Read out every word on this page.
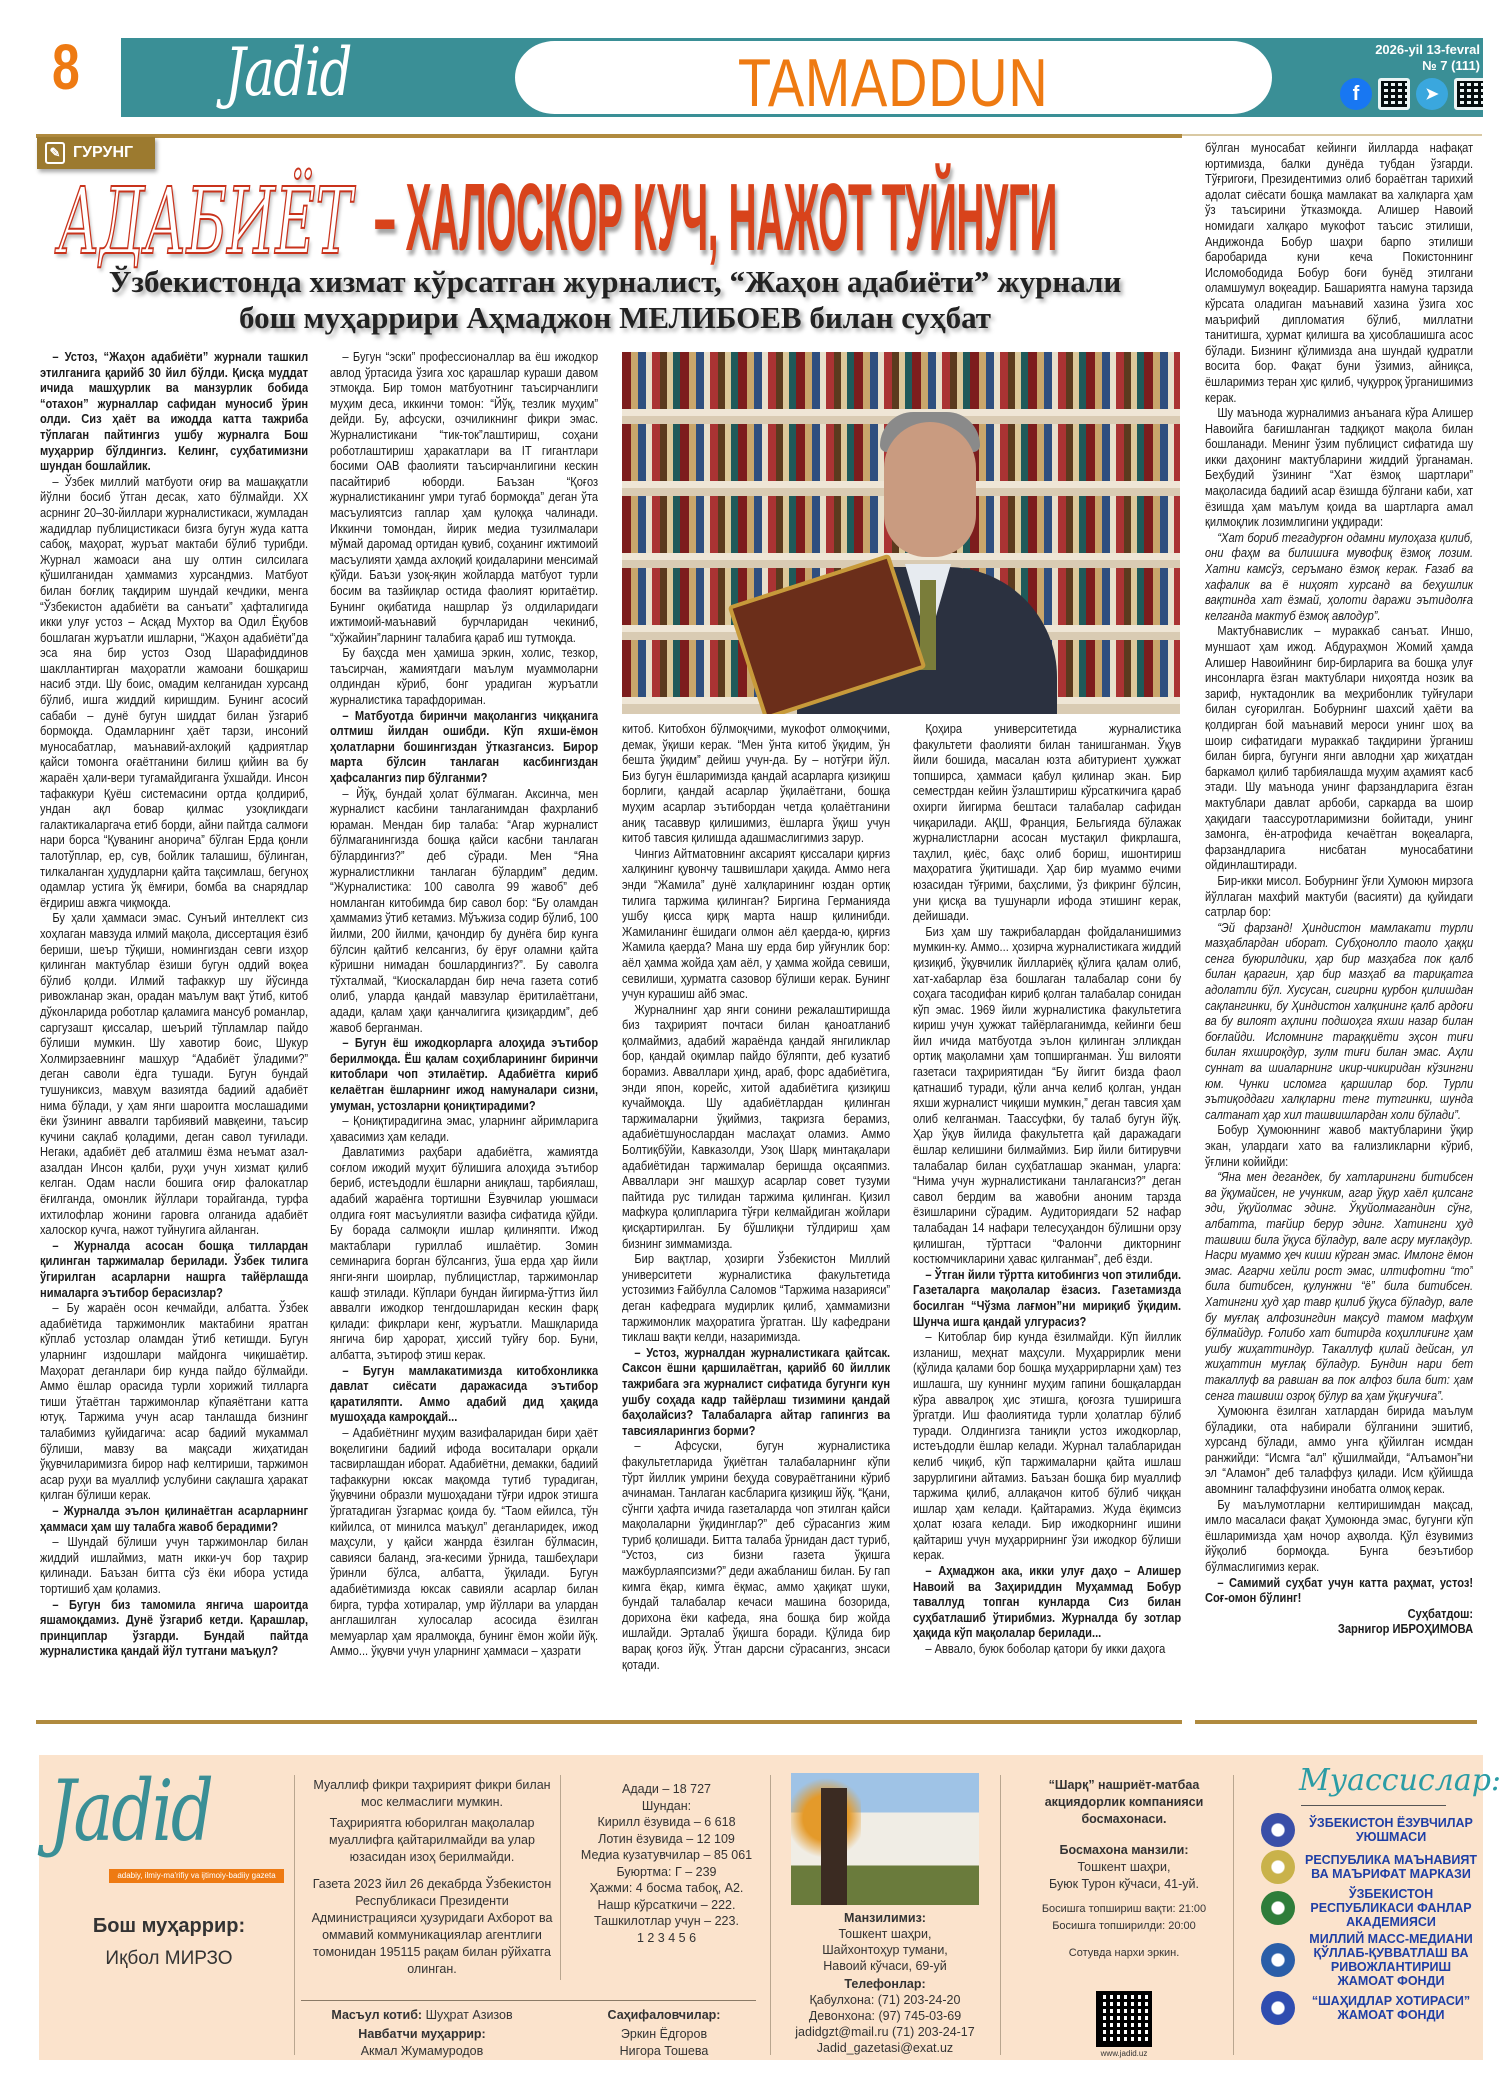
8 Jadid	TAMADDUN	2026-yil 13-fevral
№ 7 (111)
f	➤
✎ ГУРУНГ
АДАБИЁТ – ХАЛОСКОР КУЧ, НАЖОТ ТУЙНУГИ
Ўзбекистонда хизмат кўрсатган журналист, “Жаҳон адабиёти” журнали
бош муҳаррири Аҳмаджон МЕЛИБОЕВ билан суҳбат

– Устоз, “Жаҳон адабиёти” журнали ташкил этилганига қарийб 30 йил бўлди. Қисқа муддат ичида машҳурлик ва манзурлик бобида “отахон” журналлар сафидан муносиб ўрин олди. Сиз ҳаёт ва ижодда катта тажриба тўплаган пайтингиз ушбу журналга Бош муҳаррир бўлдингиз. Келинг, суҳбатимизни шундан бошлайлик.

– Ўзбек миллий матбуоти оғир ва машаққатли йўлни босиб ўтган десак, хато бўлмайди. XX асрнинг 20–30-йиллари журналистикаси, жумладан жадидлар публицистикаси бизга бугун жуда катта сабоқ, маҳорат, журъат мактаби бўлиб турибди. Журнал жамоаси ана шу олтин силсилага қўшилганидан ҳаммамиз хурсандмиз. Матбуот билан боғлиқ тақдирим шундай кечдики, менга “Ўзбекистон адабиёти ва санъати” ҳафталигида икки улуғ устоз – Асқад Мухтор ва Одил Ёқубов бошлаган журъатли ишларни, “Жаҳон адабиёти”да эса яна бир устоз Озод Шарафиддинов шакллантирган маҳоратли жамоани бошқариш насиб этди. Шу боис, омадим келганидан хурсанд бўлиб, ишга жиддий киришдим. Бунинг асосий сабаби – дунё бугун шиддат билан ўзгариб бормоқда. Одамларнинг ҳаёт тарзи, инсоний муносабатлар, маънавий-ахлоқий қадриятлар қайси томонга оғаётганини билиш қийин ва бу жараён ҳали-вери тугамайдиганга ўхшайди. Инсон тафаккури Қуёш системасини ортда қолдириб, ундан ақл бовар қилмас узоқликдаги галактикаларгача етиб борди, айни пайтда салмоғи нари борса “Қуванинг анорича” бўлган Ерда қонли талотўплар, ер, сув, бойлик талашиш, бўлинган, тилкаланган ҳудудларни қайта тақсимлаш, бегуноҳ одамлар устига ўқ ёмғири, бомба ва снарядлар ёғдириш авжга чиқмоқда.

Бу ҳали ҳаммаси эмас. Сунъий интеллект сиз хоҳлаган мавзуда илмий мақола, диссертация ёзиб бериши, шеър тўқиши, номингиздан севги изҳор қилинган мактублар ёзиши бугун оддий воқеа бўлиб қолди. Илмий тафаккур шу йўсинда ривожланар экан, орадан маълум вақт ўтиб, китоб дўконларида роботлар қаламига мансуб романлар, саргузашт қиссалар, шеърий тўпламлар пайдо бўлиши мумкин. Шу хавотир боис, Шукур Холмирзаевнинг машҳур “Адабиёт ўладими?” деган саволи ёдга тушади. Бугун бундай тушуниксиз, мавҳум вазиятда бадиий адабиёт нима бўлади, у ҳам янги шароитга мослашадими ёки ўзининг аввалги тарбиявий мавқеини, таъсир кучини сақлаб қоладими, деган савол туғилади. Негаки, адабиёт деб аталмиш ёзма неъмат азал-азалдан Инсон қалби, руҳи учун хизмат қилиб келган. Одам насли бошига оғир фалокатлар ёғилганда, омонлик йўллари торайганда, турфа ихтилофлар жонини гаровга олганида адабиёт халоскор кучга, нажот туйнугига айланган.

– Журналда асосан бошқа тиллардан қилинган таржималар берилади. Ўзбек тилига ўгирилган асарларни нашрга тайёрлашда нималарга эътибор берасизлар?

– Бу жараён осон кечмайди, албатта. Ўзбек адабиётида таржимонлик мактабини яратган кўплаб устозлар оламдан ўтиб кетишди. Бугун уларнинг издошлари майдонга чиқишаётир. Маҳорат деганлари бир кунда пайдо бўлмайди. Аммо ёшлар орасида турли хорижий тилларга тиши ўтаётган таржимонлар кўпаяётгани катта ютуқ. Таржима учун асар танлашда бизнинг талабимиз қуйидагича: асар бадиий мукаммал бўлиши, мавзу ва мақсади жиҳатидан ўқувчиларимизга бирор наф келтириши, таржимон асар руҳи ва муаллиф услубини сақлашга ҳаракат қилган бўлиши керак.

– Журналда эълон қилинаётган асарларнинг ҳаммаси ҳам шу талабга жавоб берадими?

– Шундай бўлиши учун таржимонлар билан жиддий ишлаймиз, матн икки-уч бор таҳрир қилинади. Баъзан битта сўз ёки ибора устида тортишиб ҳам қоламиз.

– Бугун биз тамомила янгича шароитда яшамоқдамиз. Дунё ўзгариб кетди. Қарашлар, принциплар ўзгарди. Бундай пайтда журналистика қандай йўл тутгани маъқул?

– Бугун “эски” профессионаллар ва ёш ижодкор авлод ўртасида ўзига хос қарашлар кураши давом этмоқда. Бир томон матбуотнинг таъсирчанлиги муҳим деса, иккинчи томон: “Йўқ, тезлик муҳим” дейди. Бу, афсуски, озчиликнинг фикри эмас. Журналистикани “тик-ток”лаштириш, соҳани роботлаштириш ҳаракатлари ва IT гигантлари босими ОАВ фаолияти таъсирчанлигини кескин пасайтириб юборди. Баъзан “Қоғоз журналистиканинг умри тугаб бормоқда” деган ўта масъулиятсиз гаплар ҳам қулоққа чалинади. Иккинчи томондан, йирик медиа тузилмалари мўмай даромад ортидан қувиб, соҳанинг ижтимоий масъулияти ҳамда ахлоқий қоидаларини менсимай қўйди. Баъзи узоқ-яқин жойларда матбуот турли босим ва тазйиқлар остида фаолият юритаётир. Бунинг оқибатида нашрлар ўз олдиларидаги ижтимоий-маънавий бурчларидан чекиниб, “хўжайин”ларнинг талабига қараб иш тутмоқда.

Бу баҳсда мен ҳамиша эркин, холис, тезкор, таъсирчан, жамиятдаги маълум муаммоларни олдиндан кўриб, бонг урадиган журъатли журналистика тарафдориман.

– Матбуотда биринчи мақолангиз чиққанига олтмиш йилдан ошибди. Кўп яхши-ёмон ҳолатларни бошингиздан ўтказгансиз. Бирор марта бўлсин танлаган касбингиздан ҳафсалангиз пир бўлганми?

– Йўқ, бундай ҳолат бўлмаган. Аксинча, мен журналист касбини танлаганимдан фахрланиб юраман. Мендан бир талаба: “Агар журналист бўлмаганингизда бошқа қайси касбни танлаган бўлардингиз?” деб сўради. Мен “Яна журналистликни танлаган бўлардим” дедим. “Журналистика: 100 саволга 99 жавоб” деб номланган китобимда бир савол бор: “Бу оламдан ҳаммамиз ўтиб кетамиз. Мўъжиза содир бўлиб, 100 йилми, 200 йилми, қачондир бу дунёга бир кунга бўлсин қайтиб келсангиз, бу ёруғ оламни қайта кўришни нимадан бошлардингиз?”. Бу саволга тўхталмай, “Киоскалардан бир неча газета сотиб олиб, уларда қандай мавзулар ёритилаётгани, адади, қалам ҳақи қанчалигига қизиқардим”, деб жавоб берганман.

– Бугун ёш ижодкорларга алоҳида эътибор берилмоқда. Ёш қалам соҳибларининг биринчи китоблари чоп этилаётир. Адабиётга кириб келаётган ёшларнинг ижод намуналари сизни, умуман, устозларни қониқтирадими?

– Қониқтирадигина эмас, уларнинг айримларига ҳавасимиз ҳам келади.

Давлатимиз раҳбари адабиётга, жамиятда соғлом ижодий муҳит бўлишига алоҳида эътибор бериб, истеъдодли ёшларни аниқлаш, тарбиялаш, адабий жараёнга тортишни Ёзувчилар уюшмаси олдига ғоят масъулиятли вазифа сифатида қўйди. Бу борада салмоқли ишлар қилиняпти. Ижод мактаблари гуриллаб ишлаётир. Зомин семинарига борган бўлсангиз, ўша ерда ҳар йили янги-янги шоирлар, публицистлар, таржимонлар кашф этилади. Кўплари бундан йигирма-ўттиз йил аввалги ижодкор тенгдошларидан кескин фарқ қилади: фикрлари кенг, журъатли. Машқларида янгича бир ҳарорат, ҳиссий туйғу бор. Буни, албатта, эътироф этиш керак.

– Бугун мамлакатимизда китобхонликка давлат сиёсати даражасида эътибор қаратиляпти. Аммо адабий дид ҳақида мушоҳада камроқдай...

– Адабиётнинг муҳим вазифаларидан бири ҳаёт воқелигини бадиий ифода воситалари орқали тасвирлашдан иборат. Адабиётни, демакки, бадиий тафаккурни юксак мақомда тутиб турадиган, ўқувчини образли мушоҳадани тўғри идрок этишга ўргатадиган ўзгармас қоида бу. “Таом ейилса, тўн кийилса, от минилса маъқул” деганларидек, ижод маҳсули, у қайси жанрда ёзилган бўлмасин, савияси баланд, эга-кесими ўрнида, ташбеҳлари ўринли бўлса, албатта, ўқилади. Бугун адабиётимизда юксак савияли асарлар билан бирга, турфа хотиралар, умр йўллари ва улардан англашилган хулосалар асосида ёзилган мемуарлар ҳам яралмоқда, бунинг ёмон жойи йўқ. Аммо... ўқувчи учун уларнинг ҳаммаси – ҳазрати

китоб. Китобхон бўлмоқчими, мукофот олмоқчими, демак, ўқиши керак. “Мен ўнта китоб ўқидим, ўн бешта ўқидим” дейиш учун-да. Бу – нотўғри йўл. Биз бугун ёшларимизда қандай асарларга қизиқиш борлиги, қандай асарлар ўқилаётгани, бошқа муҳим асарлар эътибордан четда қолаётганини аниқ тасаввур қилишимиз, ёшларга ўқиш учун китоб тавсия қилишда адашмаслигимиз зарур.

Чингиз Айтматовнинг аксарият қиссалари қирғиз халқининг қувончу ташвишлари ҳақида. Аммо нега энди “Жамила” дунё халқларининг юздан ортиқ тилига таржима қилинган? Биргина Германияда ушбу қисса қирқ марта нашр қилинибди. Жамиланинг ёшидаги олмон аёл қаерда-ю, қирғиз Жамила қаерда? Мана шу ерда бир уйғунлик бор: аёл ҳамма жойда ҳам аёл, у ҳамма жойда севиши, севилиши, ҳурматга сазовор бўлиши керак. Бунинг учун курашиш айб эмас.

Журналнинг ҳар янги сонини режалаштиришда биз таҳририят почтаси билан қаноатланиб қолмаймиз, адабий жараёнда қандай янгиликлар бор, қандай оқимлар пайдо бўляпти, деб кузатиб борамиз. Авваллари ҳинд, араб, форс адабиётига, энди япон, корейс, хитой адабиётига қизиқиш кучаймоқда. Шу адабиётлардан қилинган таржималарни ўқиймиз, тақризга берамиз, адабиётшунослардан маслаҳат оламиз. Аммо Болтиқбўйи, Кавказолди, Узоқ Шарқ минтақалари адабиётидан таржималар беришда оқсаяпмиз. Авваллари энг машҳур асарлар совет тузуми пайтида рус тилидан таржима қилинган. Қизил мафкура қолипларига тўғри келмайдиган жойлари қисқартирилган. Бу бўшлиқни тўлдириш ҳам бизнинг зиммамизда.

Бир вақтлар, ҳозирги Ўзбекистон Миллий университети журналистика факультетида устозимиз Ғайбулла Саломов “Таржима назарияси” деган кафедрага мудирлик қилиб, ҳаммамизни таржимонлик маҳоратига ўргатган. Шу кафедрани тиклаш вақти келди, назаримизда.

– Устоз, журналдан журналистикага қайтсак. Саксон ёшни қаршилаётган, қарийб 60 йиллик тажрибага эга журналист сифатида бугунги кун ушбу соҳада кадр тайёрлаш тизимини қандай баҳолайсиз? Талабаларга айтар гапингиз ва тавсияларингиз борми?

– Афсуски, бугун журналистика факультетларида ўқиётган талабаларнинг кўпи тўрт йиллик умрини беҳуда совураётганини кўриб ачинаман. Танлаган касбларига қизиқиш йўқ. “Қани, сўнгги ҳафта ичида газеталарда чоп этилган қайси мақолаларни ўқидинглар?” деб сўрасангиз жим туриб қолишади. Битта талаба ўрнидан даст туриб, “Устоз, сиз бизни газета ўқишга мажбурлаяпсизми?” деди ажабланиш билан. Бу гап кимга ёқар, кимга ёқмас, аммо ҳақиқат шуки, бундай талабалар кечаси машина бозорида, дорихона ёки кафеда, яна бошқа бир жойда ишлайди. Эрталаб ўқишга боради. Қўлида бир варақ қоғоз йўқ. Ўтган дарсни сўрасангиз, энсаси қотади.

Қоҳира университетида журналистика факультети фаолияти билан танишганман. Ўқув йили бошида, масалан юзта абитуриент ҳужжат топширса, ҳаммаси қабул қилинар экан. Бир семестрдан кейин ўзлаштириш кўрсаткичига қараб охирги йигирма бештаси талабалар сафидан чиқарилади. АҚШ, Франция, Бельгияда бўлажак журналистларни асосан мустақил фикрлашга, таҳлил, қиёс, баҳс олиб бориш, ишонтириш маҳоратига ўқитишади. Ҳар бир муаммо ечими юзасидан тўғрими, баҳслими, ўз фикринг бўлсин, уни қисқа ва тушунарли ифода этишинг керак, дейишади.

Биз ҳам шу тажрибалардан фойдаланишимиз мумкин-ку. Аммо... ҳозирча журналистикага жиддий қизиқиб, ўқувчилик йиллариёқ қўлига қалам олиб, хат-хабарлар ёза бошлаган талабалар сони бу соҳага тасодифан кириб қолган талабалар сонидан кўп эмас. 1969 йили журналистика факультетига кириш учун ҳужжат тайёрлаганимда, кейинги беш йил ичида матбуотда эълон қилинган элликдан ортиқ мақоламни ҳам топширганман. Ўш вилояти газетаси таҳририятидан “Бу йигит бизда фаол қатнашиб туради, қўли анча келиб қолган, ундан яхши журналист чиқиши мумкин,” деган тавсия ҳам олиб келганман. Таассуфки, бу талаб бугун йўқ. Ҳар ўқув йилида факультетга қай даражадаги ёшлар келишини билмаймиз. Бир йили битирувчи талабалар билан суҳбатлашар эканман, уларга: “Нима учун журналистикани танлагансиз?” деган савол бердим ва жавобни аноним тарзда ёзишларини сўрадим. Аудиториядаги 52 нафар талабадан 14 нафари телесуҳандон бўлишни орзу қилишган, тўрттаси “Фалончи дикторнинг костюмчикларини ҳавас қилганман”, деб ёзди.

– Ўтган йили тўртта китобингиз чоп этилибди. Газеталарга мақолалар ёзасиз. Газетамизда босилган “Чўзма лағмон”ни мириқиб ўқидим. Шунча ишга қандай улгурасиз?

– Китоблар бир кунда ёзилмайди. Кўп йиллик изланиш, меҳнат маҳсули. Муҳаррирлик мени (қўлида қалами бор бошқа муҳаррирларни ҳам) тез ишлашга, шу куннинг муҳим гапини бошқалардан кўра аввалроқ ҳис этишга, қоғозга туширишга ўргатди. Иш фаолиятида турли ҳолатлар бўлиб туради. Олдингизга таниқли устоз ижодкорлар, истеъдодли ёшлар келади. Журнал талабларидан келиб чиқиб, кўп таржималарни қайта ишлаш зарурлигини айтамиз. Баъзан бошқа бир муаллиф таржима қилиб, аллақачон китоб бўлиб чиққан ишлар ҳам келади. Қайтарамиз. Жуда ёқимсиз ҳолат юзага келади. Бир ижодкорнинг ишини қайтариш учун муҳаррирнинг ўзи ижодкор бўлиши керак.

– Аҳмаджон ака, икки улуғ даҳо – Алишер Навоий ва Заҳириддин Муҳаммад Бобур таваллуд топган кунларда Сиз билан суҳбатлашиб ўтирибмиз. Журналда бу зотлар ҳақида кўп мақолалар берилади...

– Аввало, буюк боболар қатори бу икки даҳога

бўлган муносабат кейинги йилларда нафақат юртимизда, балки дунёда тубдан ўзгарди. Тўғриroғи, Президентимиз олиб бораётган тарихий адолат сиёсати бошқа мамлакат ва халқларга ҳам ўз таъсирини ўтказмоқда. Алишер Навоий номидаги халқаро мукофот таъсис этилиши, Андижонда Бобур шаҳри барпо этилиши баробарида куни кеча Покистоннинг Исломободида Бобур боғи бунёд этилгани оламшумул воқеадир. Башариятга намуна тарзида кўрсата оладиган маънавий хазина ўзига хос маърифий дипломатия бўлиб, миллатни танитишга, ҳурмат қилишга ва ҳисоблашишга асос бўлади. Бизнинг қўлимизда ана шундай қудратли восита бор. Фақат буни ўзимиз, айниқса, ёшларимиз теран ҳис қилиб, чуқурроқ ўрганишимиз керак.

Шу маънода журналимиз анъанага кўра Алишер Навоийга бағишланган тадқиқот мақола билан бошланади. Менинг ўзим публицист сифатида шу икки даҳонинг мактубларини жиддий ўрганаман. Беҳбудий ўзининг “Хат ёзмоқ шартлари” мақоласида бадиий асар ёзишда бўлгани каби, хат ёзишда ҳам маълум қоида ва шартларга амал қилмоқлик лозимлигини уқдиради:

“Хат бориб тегадурғон одамни мулоҳаза қилиб, они фаҳм ва билишиға мувофиқ ёзмоқ лозим. Хатни камсўз, серъмано ёзмоқ керак. Ғазаб ва хафалик ва ё ниҳоят хурсанд ва беҳушлик вақтинда хат ёзмай, ҳолоти даражи эътидолға келганда мактуб ёзмоқ авлодур”.

Мактубнавислик – мураккаб санъат. Иншо, муншаот ҳам ижод. Абдураҳмон Жомий ҳамда Алишер Навоийнинг бир-бирларига ва бошқа улуғ инсонларга ёзган мактублари ниҳоятда нозик ва зариф, нуктадонлик ва меҳрибонлик туйғулари билан суғорилган. Бобурнинг шахсий ҳаёти ва қолдирган бой маънавий мероси унинг шоҳ ва шоир сифатидаги мураккаб тақдирини ўрганиш билан бирга, бугунги янги авлодни ҳар жиҳатдан баркамол қилиб тарбиялашда муҳим аҳамият касб этади. Шу маънода унинг фарзандларига ёзган мактублари давлат арбоби, саркарда ва шоир ҳақидаги таассуротларимизни бойитади, унинг замонга, ён-атрофида кечаётган воқеаларга, фарзандларига нисбатан муносабатини ойдинлаштиради.

Бир-икки мисол. Бобурнинг ўғли Ҳумоюн мирзога йўллаган махфий мактуби (васияти) да қуйидаги сатрлар бор:

“Эй фарзанд! Ҳиндистон мамлакати турли мазҳаблардан иборат. Субҳонолло таоло ҳаққи сенга буюрилдики, ҳар бир мазҳабга пок қалб билан қарагин, ҳар бир мазҳаб ва тариқатга адолатли бўл. Хусусан, сигирни қурбон қилишдан сақлангинки, бу Ҳиндистон халқининг қалб ардоғи ва бу вилоят аҳлини подшоҳга яхши назар билан боғлайди. Исломнинг тараққиёти эҳсон тиғи билан яхшироқдур, зулм тиғи билан эмас. Аҳли суннат ва шиаларнинг икир-чикиридан кўзингни юм. Чунки исломга қаршилар бор. Турли эътиқоддаги халқларни тенг тутгинки, шунда салтанат ҳар хил ташвишлардан холи бўлади”.

Бобур Ҳумоюннинг жавоб мактубларини ўқир экан, улардаги хато ва ғализликларни кўриб, ўғлини койийди:

“Яна мен дегандек, бу хатларингни битибсен ва ўқумайсен, не учунким, агар ўқур хаёл қилсанг эди, ўқуйолмас эдинг. Ўқуйолмагандин сўнг, албатта, тағйир берур эдинг. Хатингни ҳуд ташвиш била ўқуса бўладур, вале асру муғлақдур. Насри муаммо ҳеч киши кўрган эмас. Имлонг ёмон эмас. Агарчи хейли рост эмас, илтифотни “то” била битибсен, қулунжни “ё” била битибсен. Хатингни ҳуд ҳар тавр қилиб ўқуса бўладур, вале бу муғлақ алфозингдин мақсуд тамом мафҳум бўлмайдур. Ғолибо хат битирда коҳиллиғинг ҳам ушбу жиҳаттиндур. Такаллуф қилай дейсан, ул жиҳаттин муғлақ бўладур. Бундин нари бет такаллуф ва равшан ва пок алфоз била бит: ҳам сенга ташвиш озроқ бўлур ва ҳам ўқиғучиға”.

Ҳумоюнга ёзилган хатлардан бирида маълум бўладики, ота набирали бўлганини эшитиб, хурсанд бўлади, аммо унга қўйилган исмдан ранжийди: “Исмга “ал” қўшилмайди, “Алъамон”ни эл “Аламон” деб талаффуз қилади. Исм қўйишда авомнинг талаффузини инобатга олмоқ керак.

Бу маълумотларни келтиришимдан мақсад, имло масаласи фақат Ҳумоюнда эмас, бугунги кўп ёшларимизда ҳам ночор аҳволда. Қўл ёзувимиз йўқолиб бормоқда. Бунга беэътибор бўлмаслигимиз керак.

– Самимий суҳбат учун катта раҳмат, устоз! Соғ-омон бўлинг!

Суҳбатдош:

Зарнигор ИБРОҲИМОВА

Jadid
adabiy, ilmiy-ma'rifiy va ijtimoiy-badiiy gazeta
Бош муҳаррир:
Иқбол МИРЗО
Муаллиф фикри таҳририят фикри билан мос келмаслиги мумкин.
Таҳририятга юборилган мақолалар муаллифга қайтарилмайди ва улар юзасидан изоҳ берилмайди.
Газета 2023 йил 26 декабрда Ўзбекистон Республикаси Президенти Администрацияси ҳузуридаги Ахборот ва оммавий коммуникациялар агентлиги томонидан 195115 рақам билан рўйхатга олинган.
Адади – 18 727
Шундан:
Кирилл ёзувида – 6 618
Лотин ёзувида – 12 109
Медиа кузатувчилар – 85 061
Буюртма: Г – 239
Ҳажми: 4 босма табоқ, A2.
Нашр кўрсаткичи – 222.
Ташкилотлар учун – 223.
1 2 3 4 5 6
Масъул котиб: Шуҳрат Азизов
Навбатчи муҳаррир:
Акмал Жумамуродов
Саҳифаловчилар:
Эркин Ёдгоров
Нигора Тошева
Манзилимиз:
Тошкент шаҳри,
Шайхонтоҳур тумани,
Навоий кўчаси, 69-уй
Телефонлар:
Қабулхона: (71) 203-24-20
Девонхона: (97) 745-03-69
jadidgzt@mail.ru (71) 203-24-17
Jadid_gazetasi@exat.uz
“Шарқ” нашриёт-матбаа акциядорлик компанияси босмахонаси.
Босмахона манзили:
Тошкент шаҳри,
Буюк Турон кўчаси, 41-уй.
Босишга топшириш вақти: 21:00
Босишга топширилди: 20:00
Сотувда нархи эркин.
www.jadid.uz
Муассислар:
ЎЗБЕКИСТОН ЁЗУВЧИЛАР УЮШМАСИ
РЕСПУБЛИКА МАЪНАВИЯТ ВА МАЪРИФАТ МАРКАЗИ
ЎЗБЕКИСТОН РЕСПУБЛИКАСИ ФАНЛАР АКАДЕМИЯСИ
МИЛЛИЙ МАСС-МЕДИАНИ ҚЎЛЛАБ-ҚУВВАТЛАШ ВА РИВОЖЛАНТИРИШ ЖАМОАТ ФОНДИ
“ШАҲИДЛАР ХОТИРАСИ” ЖАМОАТ ФОНДИ
